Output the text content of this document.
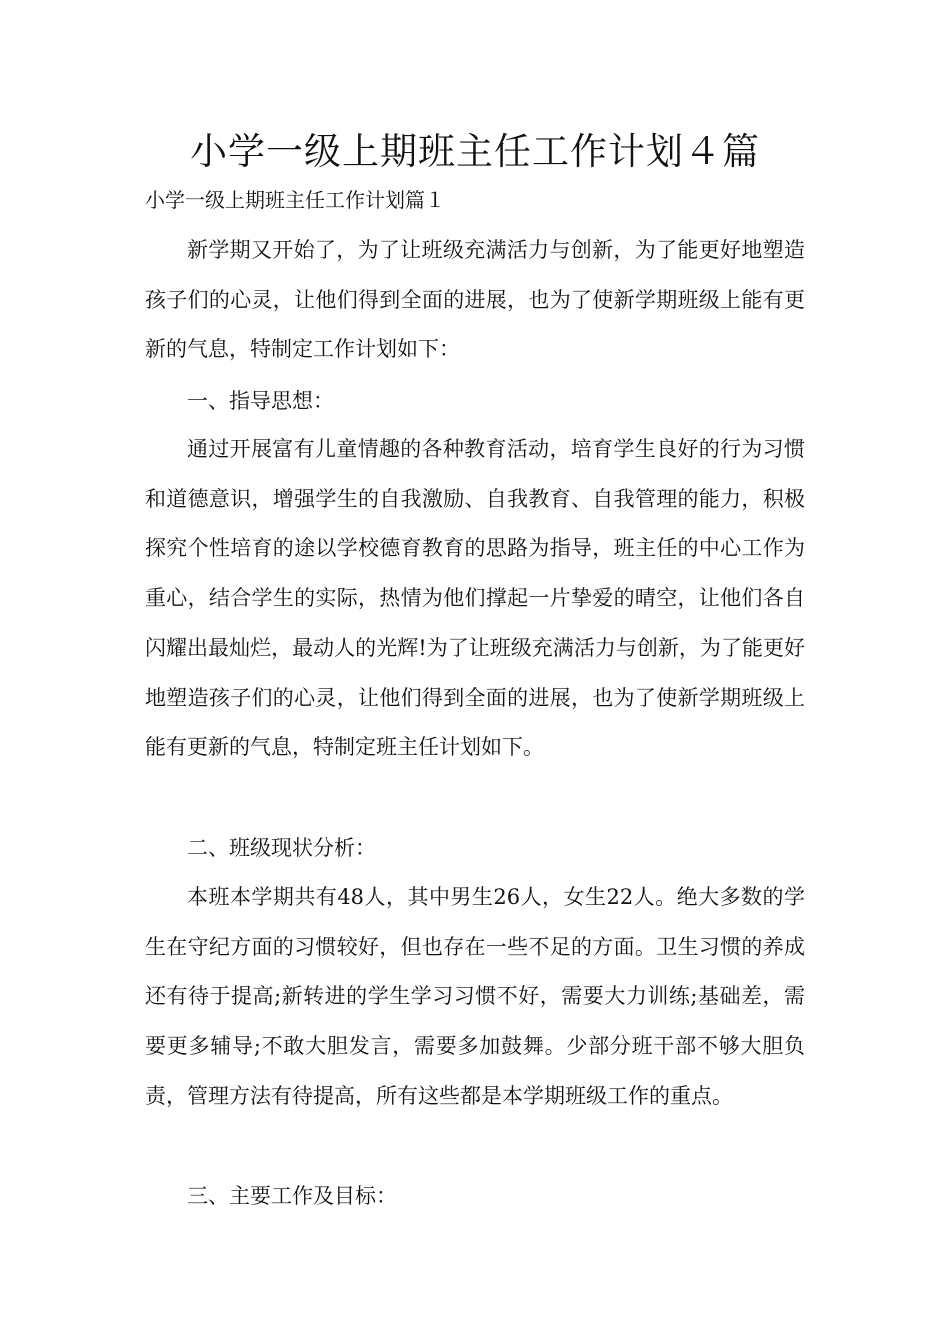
小学一级上期班主任工作计划４篇

小学一级上期班主任工作计划篇１

新学期又开始了，为了让班级充满活力与创新，为了能更好地塑造孩子们的心灵，让他们得到全面的进展，也为了使新学期班级上能有更新的气息，特制定工作计划如下：

一、指导思想：

通过开展富有儿童情趣的各种教育活动，培育学生良好的行为习惯和道德意识，增强学生的自我激励、自我教育、自我管理的能力，积极探究个性培育的途以学校德育教育的思路为指导，班主任的中心工作为重心，结合学生的实际，热情为他们撑起一片挚爱的晴空，让他们各自闪耀出最灿烂，最动人的光辉!为了让班级充满活力与创新，为了能更好地塑造孩子们的心灵，让他们得到全面的进展，也为了使新学期班级上能有更新的气息，特制定班主任计划如下。

二、班级现状分析：

本班本学期共有48人，其中男生26人，女生22人。绝大多数的学生在守纪方面的习惯较好，但也存在一些不足的方面。卫生习惯的养成还有待于提高;新转进的学生学习习惯不好，需要大力训练;基础差，需要更多辅导;不敢大胆发言，需要多加鼓舞。少部分班干部不够大胆负责，管理方法有待提高，所有这些都是本学期班级工作的重点。

三、主要工作及目标：
